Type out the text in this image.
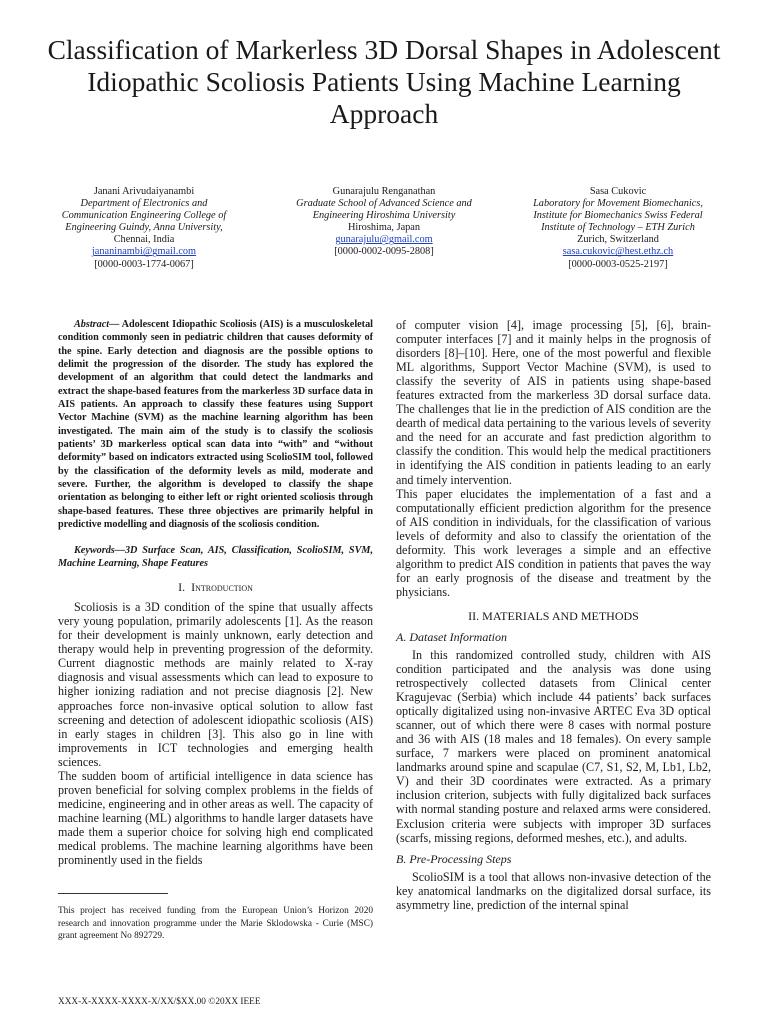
Classification of Markerless 3D Dorsal Shapes in Adolescent Idiopathic Scoliosis Patients Using Machine Learning Approach
Janani Arivudaiyanambi
Department of Electronics and Communication Engineering College of Engineering Guindy, Anna University,
Chennai, India
jananinambi@gmail.com
[0000-0003-1774-0067]
Gunarajulu Renganathan
Graduate School of Advanced Science and Engineering Hiroshima University
Hiroshima, Japan
gunarajulu@gmail.com
[0000-0002-0095-2808]
Sasa Cukovic
Laboratory for Movement Biomechanics, Institute for Biomechanics Swiss Federal Institute of Technology – ETH Zurich
Zurich, Switzerland
sasa.cukovic@hest.ethz.ch
[0000-0003-0525-2197]

Abstract— Adolescent Idiopathic Scoliosis (AIS) is a musculoskeletal condition commonly seen in pediatric children that causes deformity of the spine. Early detection and diagnosis are the possible options to delimit the progression of the disorder. The study has explored the development of an algorithm that could detect the landmarks and extract the shape-based features from the markerless 3D surface data in AIS patients. An approach to classify these features using Support Vector Machine (SVM) as the machine learning algorithm has been investigated. The main aim of the study is to classify the scoliosis patients’ 3D markerless optical scan data into “with” and “without deformity” based on indicators extracted using ScolioSIM tool, followed by the classification of the deformity levels as mild, moderate and severe. Further, the algorithm is developed to classify the shape orientation as belonging to either left or right oriented scoliosis through shape-based features. These three objectives are primarily helpful in predictive modelling and diagnosis of the scoliosis condition.

Keywords—3D Surface Scan, AIS, Classification, ScolioSIM, SVM, Machine Learning, Shape Features

I. Introduction

Scoliosis is a 3D condition of the spine that usually affects very young population, primarily adolescents [1]. As the reason for their development is mainly unknown, early detection and therapy would help in preventing progression of the deformity. Current diagnostic methods are mainly related to X-ray diagnosis and visual assessments which can lead to exposure to higher ionizing radiation and not precise diagnosis [2]. New approaches force non-invasive optical solution to allow fast screening and detection of adolescent idiopathic scoliosis (AIS) in early stages in children [3]. This also go in line with improvements in ICT technologies and emerging health sciences.

The sudden boom of artificial intelligence in data science has proven beneficial for solving complex problems in the fields of medicine, engineering and in other areas as well. The capacity of machine learning (ML) algorithms to handle larger datasets have made them a superior choice for solving high end complicated medical problems. The machine learning algorithms have been prominently used in the fields

of computer vision [4], image processing [5], [6], brain-computer interfaces [7] and it mainly helps in the prognosis of disorders [8]–[10]. Here, one of the most powerful and flexible ML algorithms, Support Vector Machine (SVM), is used to classify the severity of AIS in patients using shape-based features extracted from the markerless 3D dorsal surface data. The challenges that lie in the prediction of AIS condition are the dearth of medical data pertaining to the various levels of severity and the need for an accurate and fast prediction algorithm to classify the condition. This would help the medical practitioners in identifying the AIS condition in patients leading to an early and timely intervention.

This paper elucidates the implementation of a fast and a computationally efficient prediction algorithm for the presence of AIS condition in individuals, for the classification of various levels of deformity and also to classify the orientation of the deformity. This work leverages a simple and an effective algorithm to predict AIS condition in patients that paves the way for an early prognosis of the disease and treatment by the physicians.

II. MATERIALS AND METHODS
A. Dataset Information

In this randomized controlled study, children with AIS condition participated and the analysis was done using retrospectively collected datasets from Clinical center Kragujevac (Serbia) which include 44 patients’ back surfaces optically digitalized using non-invasive ARTEC Eva 3D optical scanner, out of which there were 8 cases with normal posture and 36 with AIS (18 males and 18 females). On every sample surface, 7 markers were placed on prominent anatomical landmarks around spine and scapulae (C7, S1, S2, M, Lb1, Lb2, V) and their 3D coordinates were extracted. As a primary inclusion criterion, subjects with fully digitalized back surfaces with normal standing posture and relaxed arms were considered. Exclusion criteria were subjects with improper 3D surfaces (scarfs, missing regions, deformed meshes, etc.), and adults.

B. Pre-Processing Steps

ScolioSIM is a tool that allows non-invasive detection of the key anatomical landmarks on the digitalized dorsal surface, its asymmetry line, prediction of the internal spinal

This project has received funding from the European Union’s Horizon 2020 research and innovation programme under the Marie Sklodowska - Curie (MSC) grant agreement No 892729.
XXX-X-XXXX-XXXX-X/XX/$XX.00 ©20XX IEEE
